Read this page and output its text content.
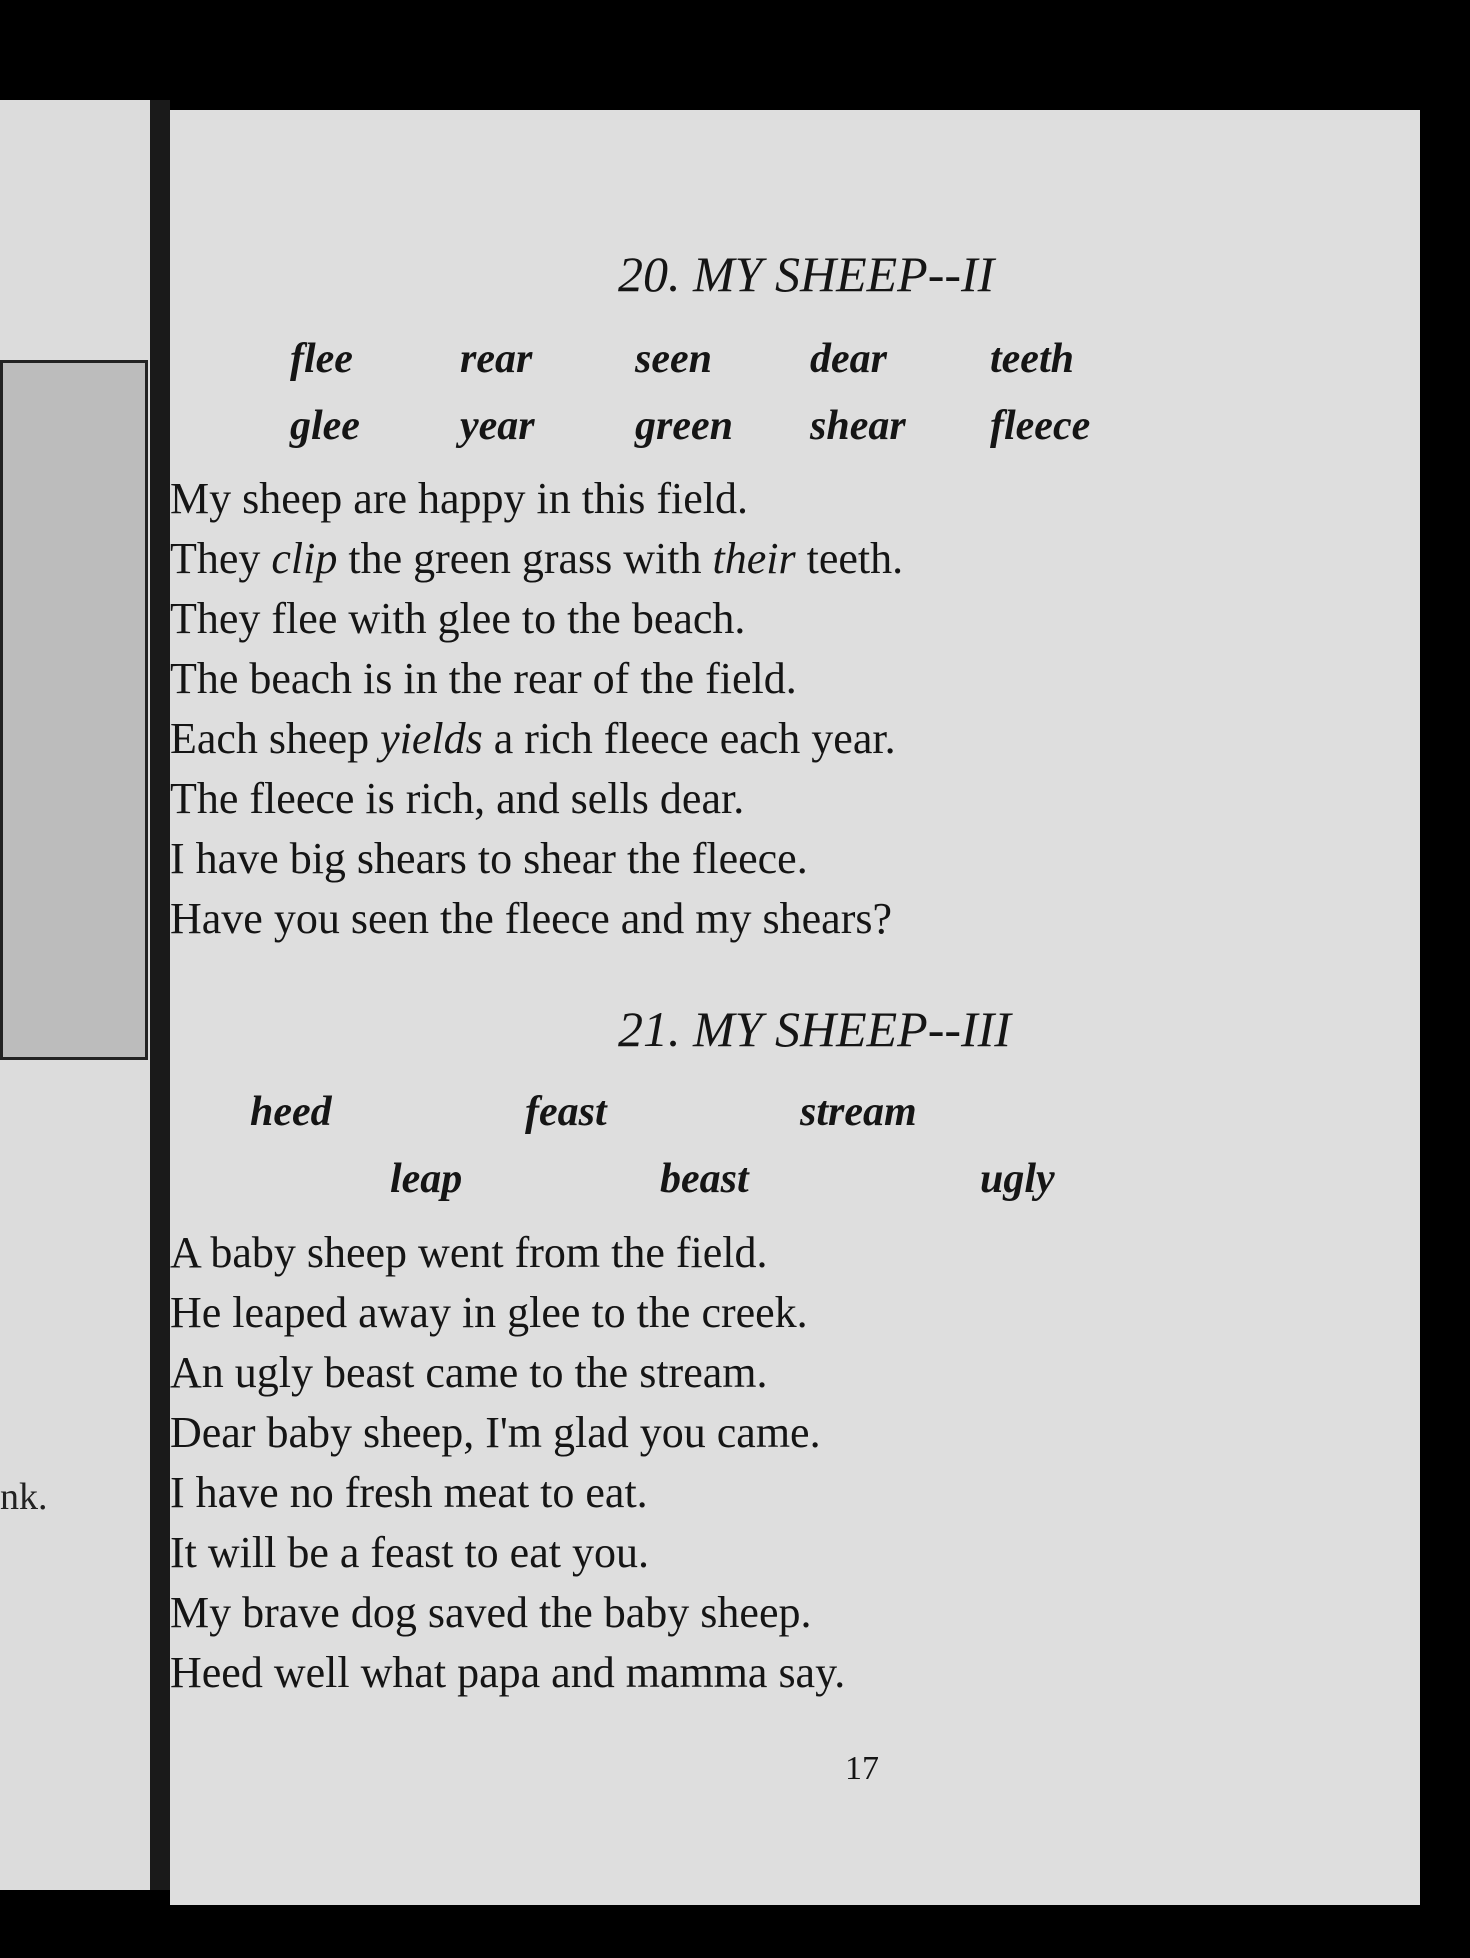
nk.
20. MY SHEEP--II
flee	rear seen dear teeth
glee year green shear fleece
My sheep are happy in this field.
They clip the green grass with their teeth.
They flee with glee to the beach.
The beach is in the rear of the field.
Each sheep yields a rich fleece each year.
The fleece is rich, and sells dear.
I have big shears to shear the fleece.
Have you seen the fleece and my shears?
21. MY SHEEP--III
heed	feast	stream
leap	beast	ugly
A baby sheep went from the field.
He leaped away in glee to the creek.
An ugly beast came to the stream.
Dear baby sheep, I'm glad you came.
I have no fresh meat to eat.
It will be a feast to eat you.
My brave dog saved the baby sheep.
Heed well what papa and mamma say.
17
